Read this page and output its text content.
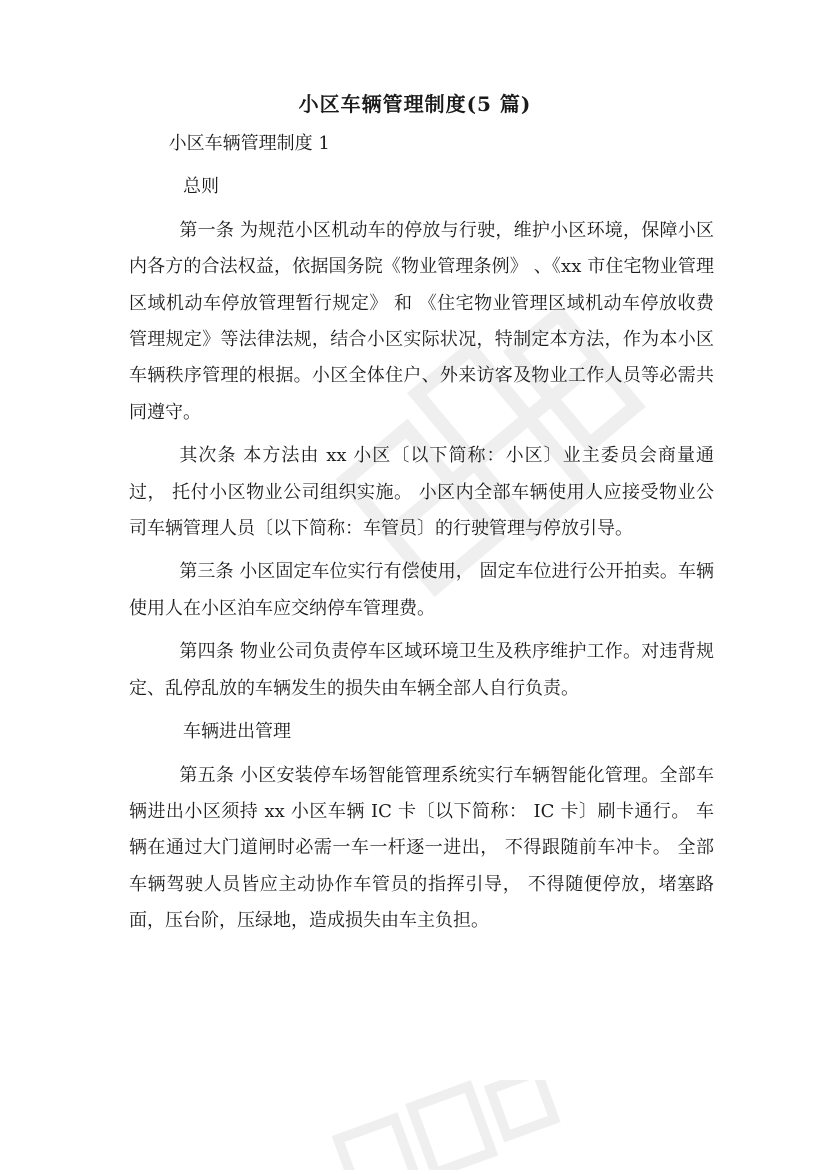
小区车辆管理制度(5 篇)

小区车辆管理制度 1

总则

第一条 为规范小区机动车的停放与行驶，维护小区环境，保障小区内各方的合法权益，依据国务院《物业管理条例》 、《xx 市住宅物业管理区域机动车停放管理暂行规定》 和 《住宅物业管理区域机动车停放收费管理规定》等法律法规，结合小区实际状况，特制定本方法，作为本小区车辆秩序管理的根据。小区全体住户、外来访客及物业工作人员等必需共同遵守。

其次条 本方法由 xx 小区〔以下简称：小区〕业主委员会商量通过， 托付小区物业公司组织实施。 小区内全部车辆使用人应接受物业公司车辆管理人员〔以下简称：车管员〕的行驶管理与停放引导。

第三条 小区固定车位实行有偿使用， 固定车位进行公开拍卖。车辆使用人在小区泊车应交纳停车管理费。

第四条 物业公司负责停车区域环境卫生及秩序维护工作。对违背规定、乱停乱放的车辆发生的损失由车辆全部人自行负责。

车辆进出管理

第五条 小区安装停车场智能管理系统实行车辆智能化管理。全部车辆进出小区须持 xx 小区车辆 IC 卡〔以下简称： IC 卡〕刷卡通行。 车辆在通过大门道闸时必需一车一杆逐一进出， 不得跟随前车冲卡。 全部车辆驾驶人员皆应主动协作车管员的指挥引导， 不得随便停放，堵塞路面，压台阶，压绿地，造成损失由车主负担。
